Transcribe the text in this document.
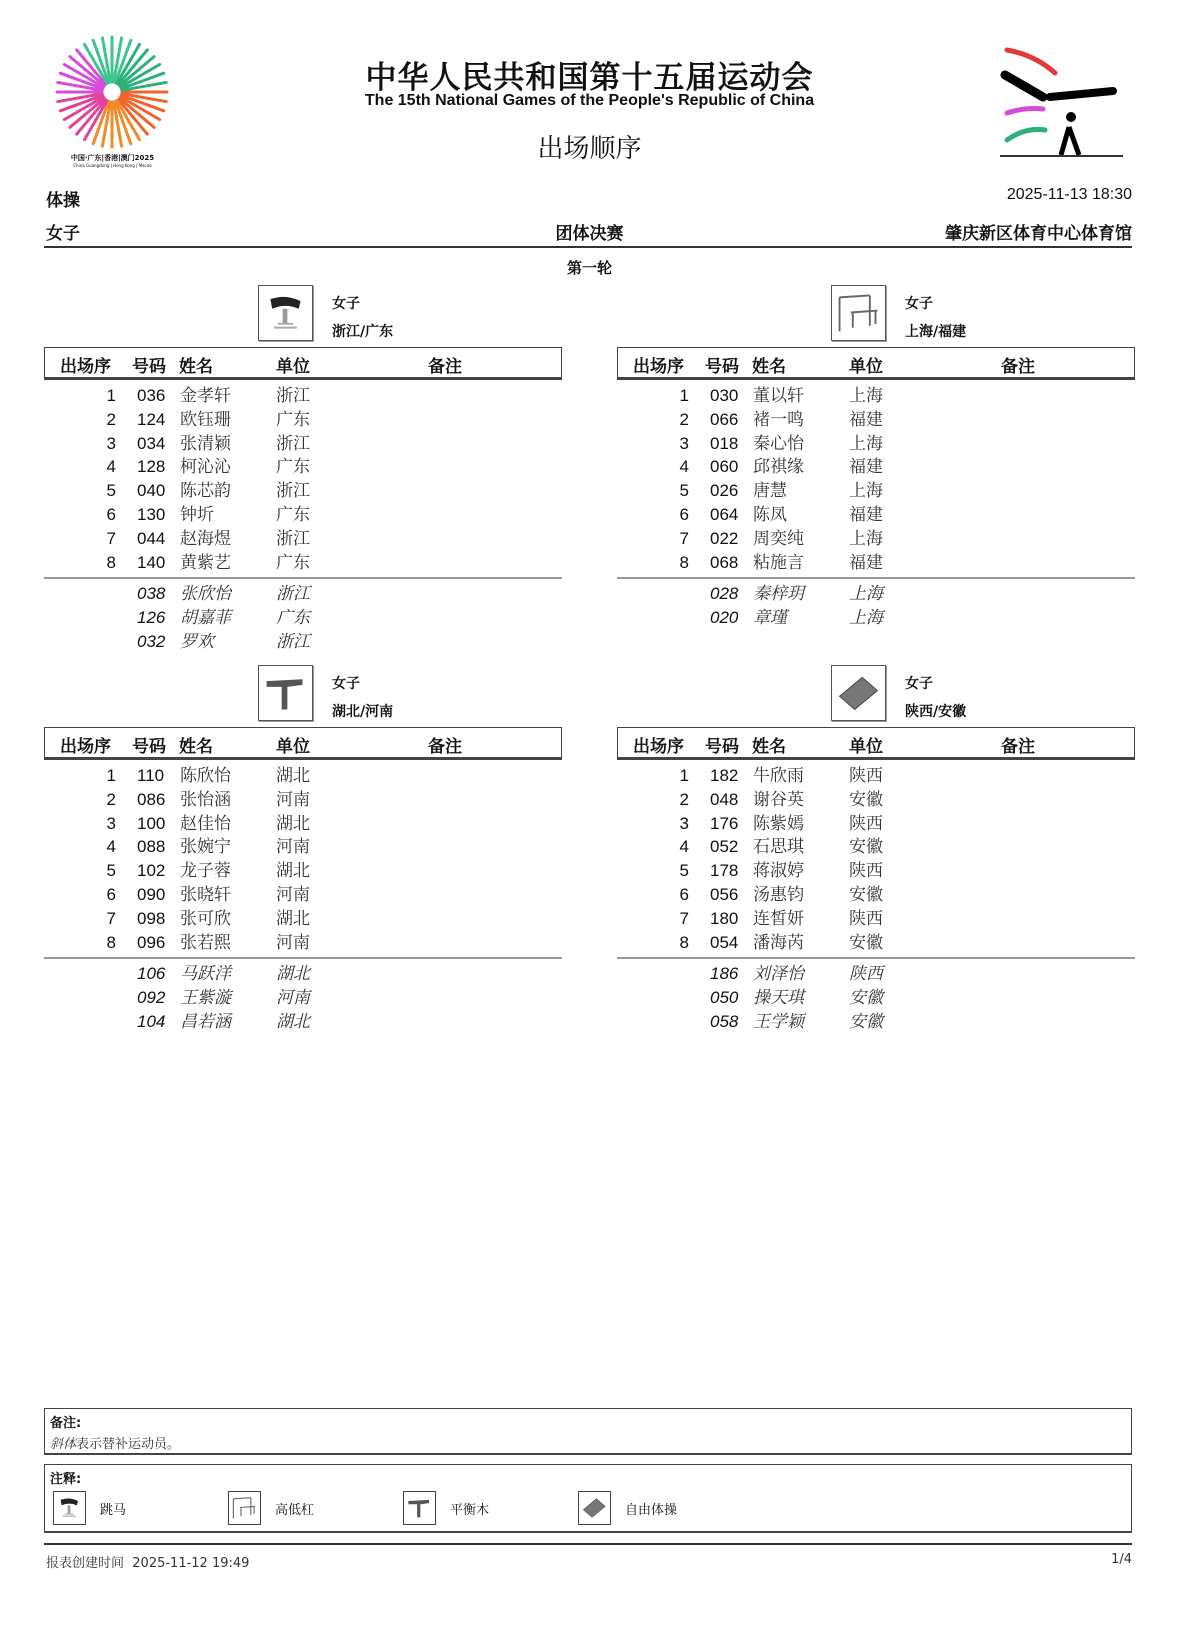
中国·广东|香港|澳门2025
China Guangdong | Hong Kong | Macao
中华人民共和国第十五届运动会
The 15th National Games of the People's Republic of China
出场顺序
体操	2025-11-13 18:30
女子	团体决赛	肇庆新区体育中心体育馆
第一轮
女子
浙江/广东
出场序 号码 姓名	单位	备注
1 036 金孝轩	浙江
2 124 欧钰珊	广东
3 034 张清颖	浙江
4 128 柯沁沁	广东
5 040 陈芯韵	浙江
6 130 钟圻	广东
7 044 赵海煜	浙江
8 140 黄紫艺	广东
038 张欣怡	浙江
126 胡嘉菲	广东
032 罗欢	浙江
女子
上海/福建
出场序 号码 姓名	单位	备注
1 030 董以轩	上海
2 066 褚一鸣	福建
3 018 秦心怡	上海
4 060 邱祺缘	福建
5 026 唐慧	上海
6 064 陈凤	福建
7 022 周奕纯	上海
8 068 粘施言	福建
028 秦梓玥	上海
020 章瑾	上海
女子
湖北/河南
出场序 号码 姓名	单位	备注
1 110 陈欣怡	湖北
2 086 张怡涵	河南
3 100 赵佳怡	湖北
4 088 张婉宁	河南
5 102 龙子蓉	湖北
6 090 张晓轩	河南
7 098 张可欣	湖北
8 096 张若熙	河南
106 马跃洋	湖北
092 王紫漩	河南
104 昌若涵	湖北
女子
陕西/安徽
出场序 号码 姓名	单位	备注
1 182 牛欣雨	陕西
2 048 谢谷英	安徽
3 176 陈紫嫣	陕西
4 052 石思琪	安徽
5 178 蒋淑婷	陕西
6 056 汤惠钧	安徽
7 180 连皙妍	陕西
8 054 潘海芮	安徽
186 刘泽怡	陕西
050 操天琪	安徽
058 王学颖	安徽
备注:
斜体表示替补运动员。
注释:
跳马	高低杠	平衡木	自由体操
报表创建时间 2025-11-12 19:49	1/4
